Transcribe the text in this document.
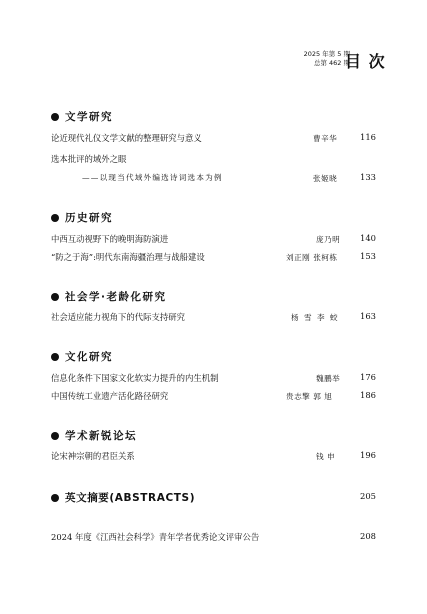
2025 年第 5 期
总第 462 期
目 次
文学研究
论近现代礼仪文学文献的整理研究与意义	曹辛华	116
选本批评的域外之眼
——以现当代域外编选诗词选本为例	张姬晓	133
历史研究
中西互动视野下的晚明海防演进	庞乃明 140
“防之于海”:明代东南海疆治理与战船建设	刘正刚 张柯栋	153
社会学·老龄化研究
社会适应能力视角下的代际支持研究	杨 雪 李 蛟 163
文化研究
信息化条件下国家文化软实力提升的内生机制	魏鹏举 176
中国传统工业遗产活化路径研究	贵志擎 郭 旭	186
学术新锐论坛
论宋神宗朝的君臣关系	钱 申	196
英文摘要(ABSTRACTS)	205
2024 年度《江西社会科学》青年学者优秀论文评审公告	208
